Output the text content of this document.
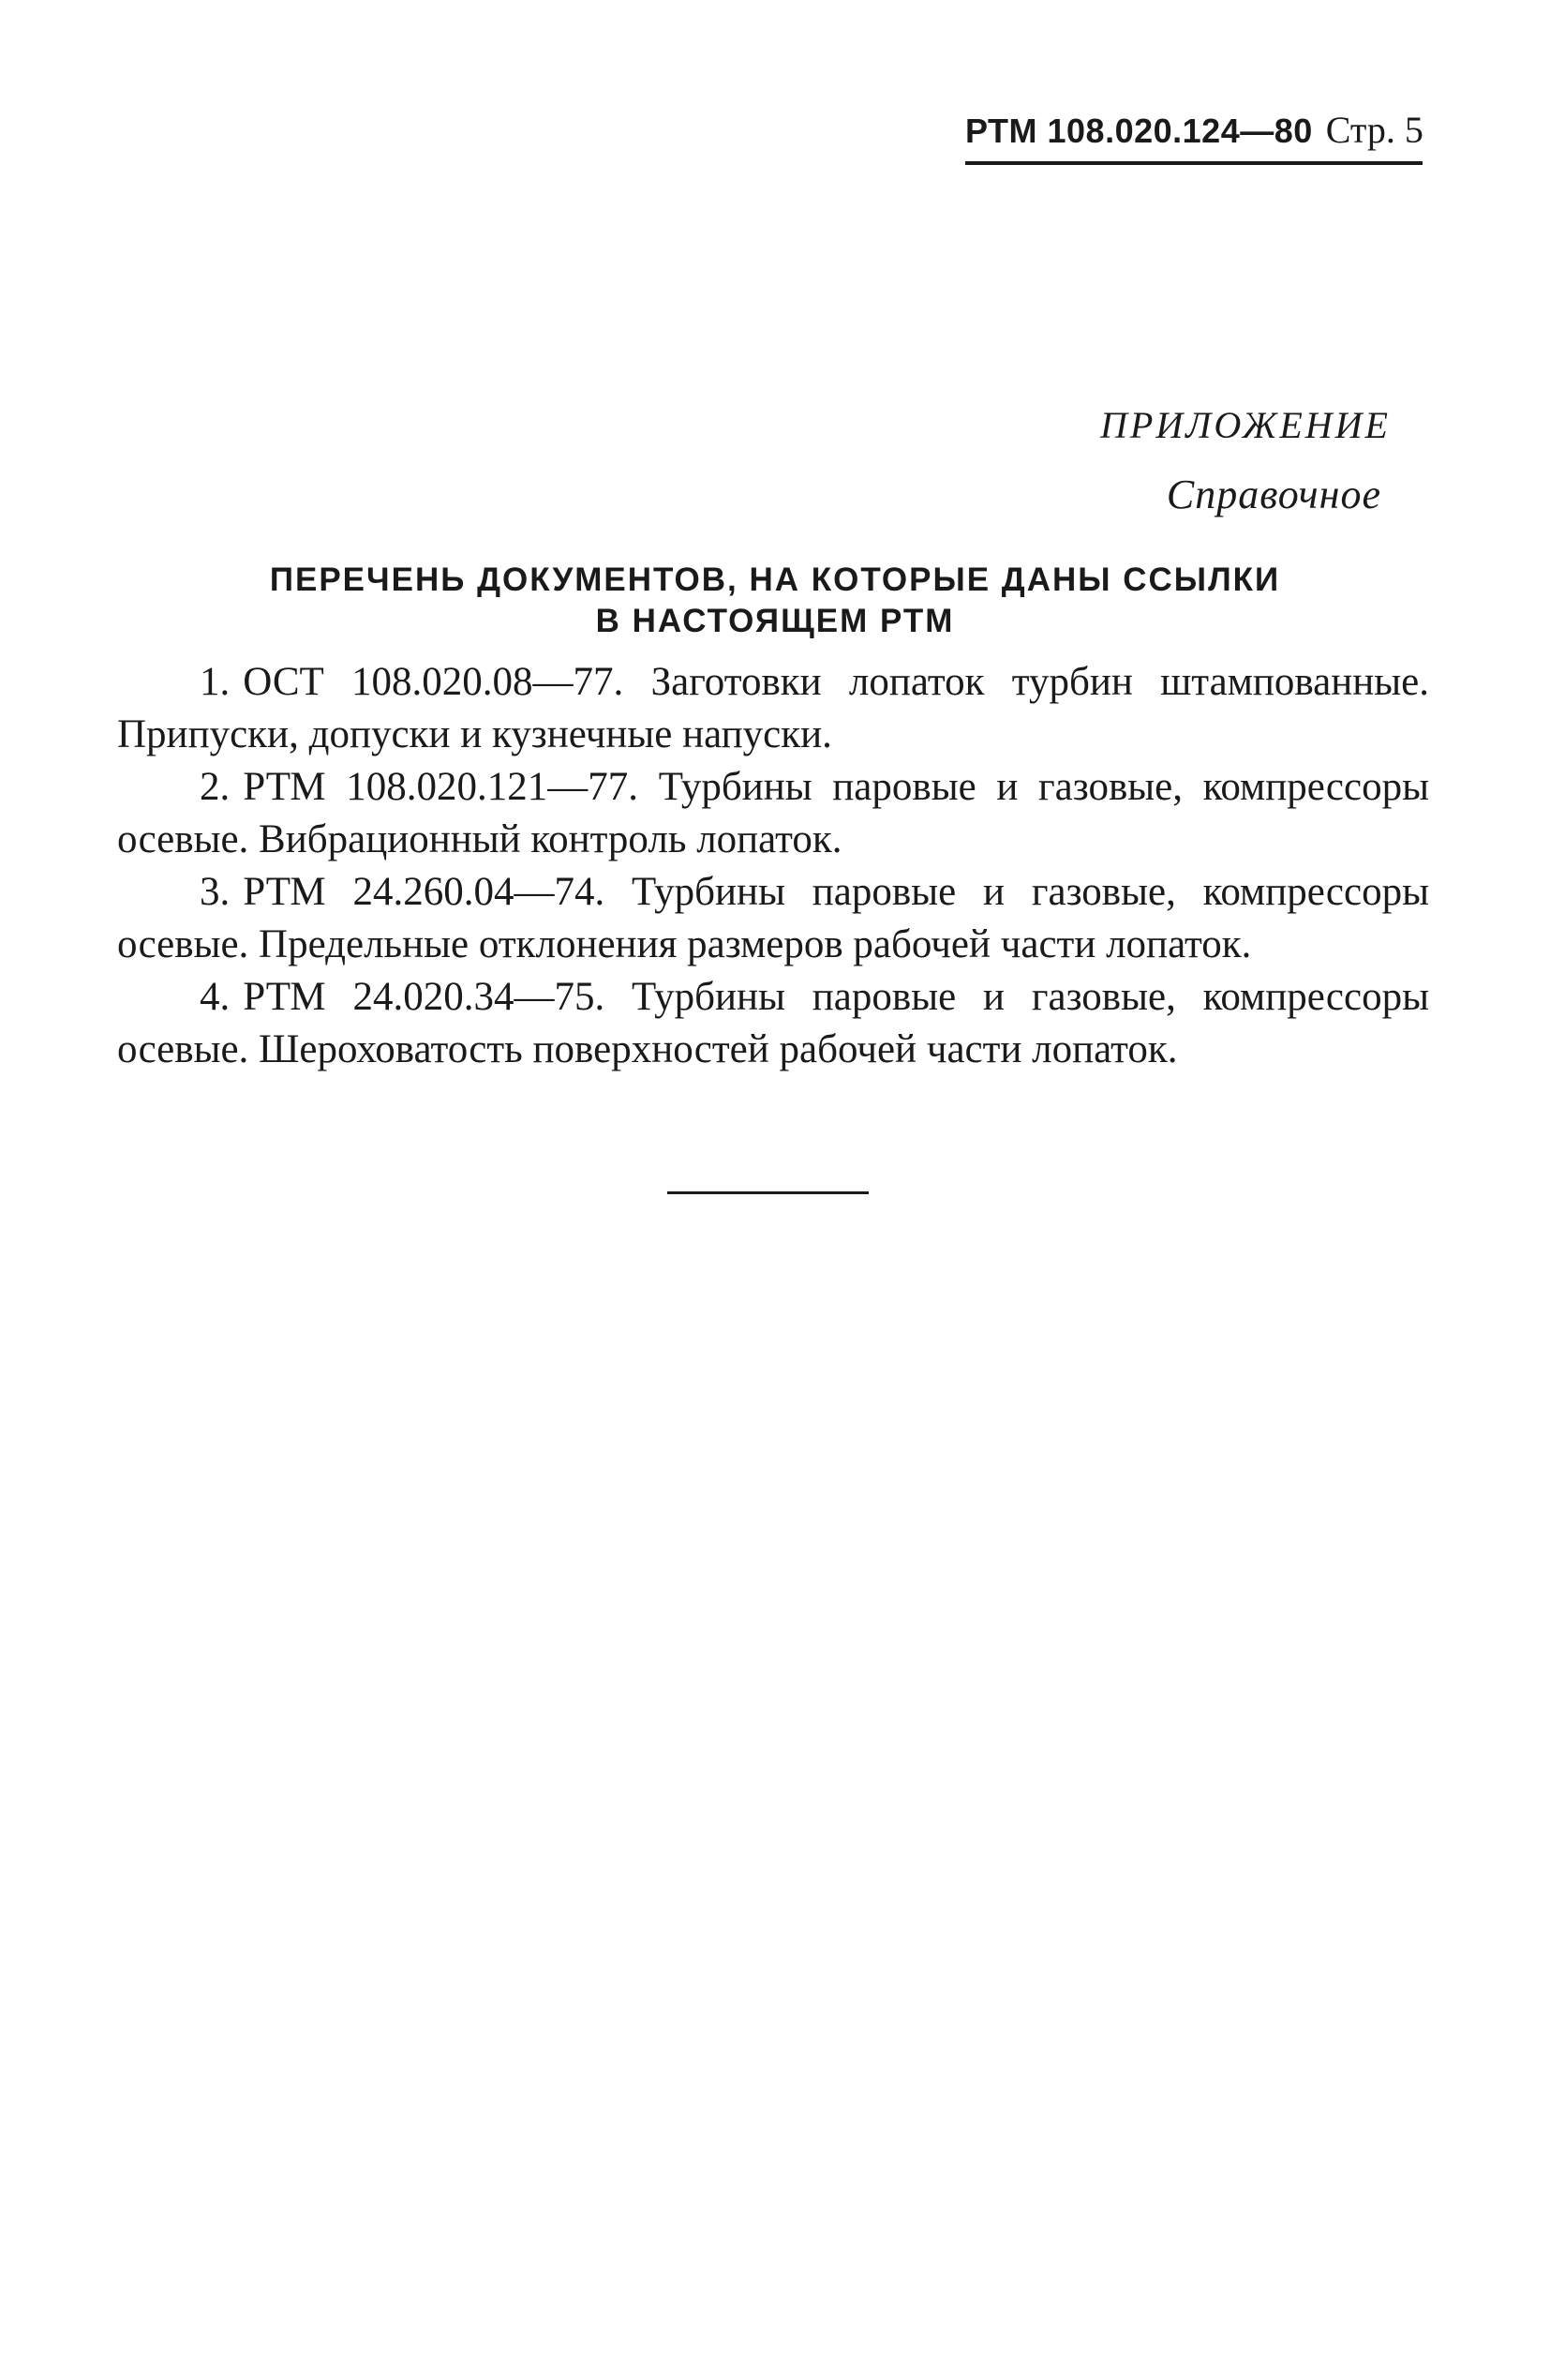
РТМ 108.020.124—80 Стр. 5
ПРИЛОЖЕНИЕ
Справочное
ПЕРЕЧЕНЬ ДОКУМЕНТОВ, НА КОТОРЫЕ ДАНЫ ССЫЛКИ
В НАСТОЯЩЕМ РТМ
1. ОСТ 108.020.08—77. Заготовки лопаток турбин штампованные. Припуски, допуски и кузнечные напуски.
2. РТМ 108.020.121—77. Турбины паровые и газовые, компрессоры осевые. Вибрационный контроль лопаток.
3. РТМ 24.260.04—74. Турбины паровые и газовые, компрессоры осевые. Предельные отклонения размеров рабочей части лопаток.
4. РТМ 24.020.34—75. Турбины паровые и газовые, компрессоры осевые. Шероховатость поверхностей рабочей части лопаток.
